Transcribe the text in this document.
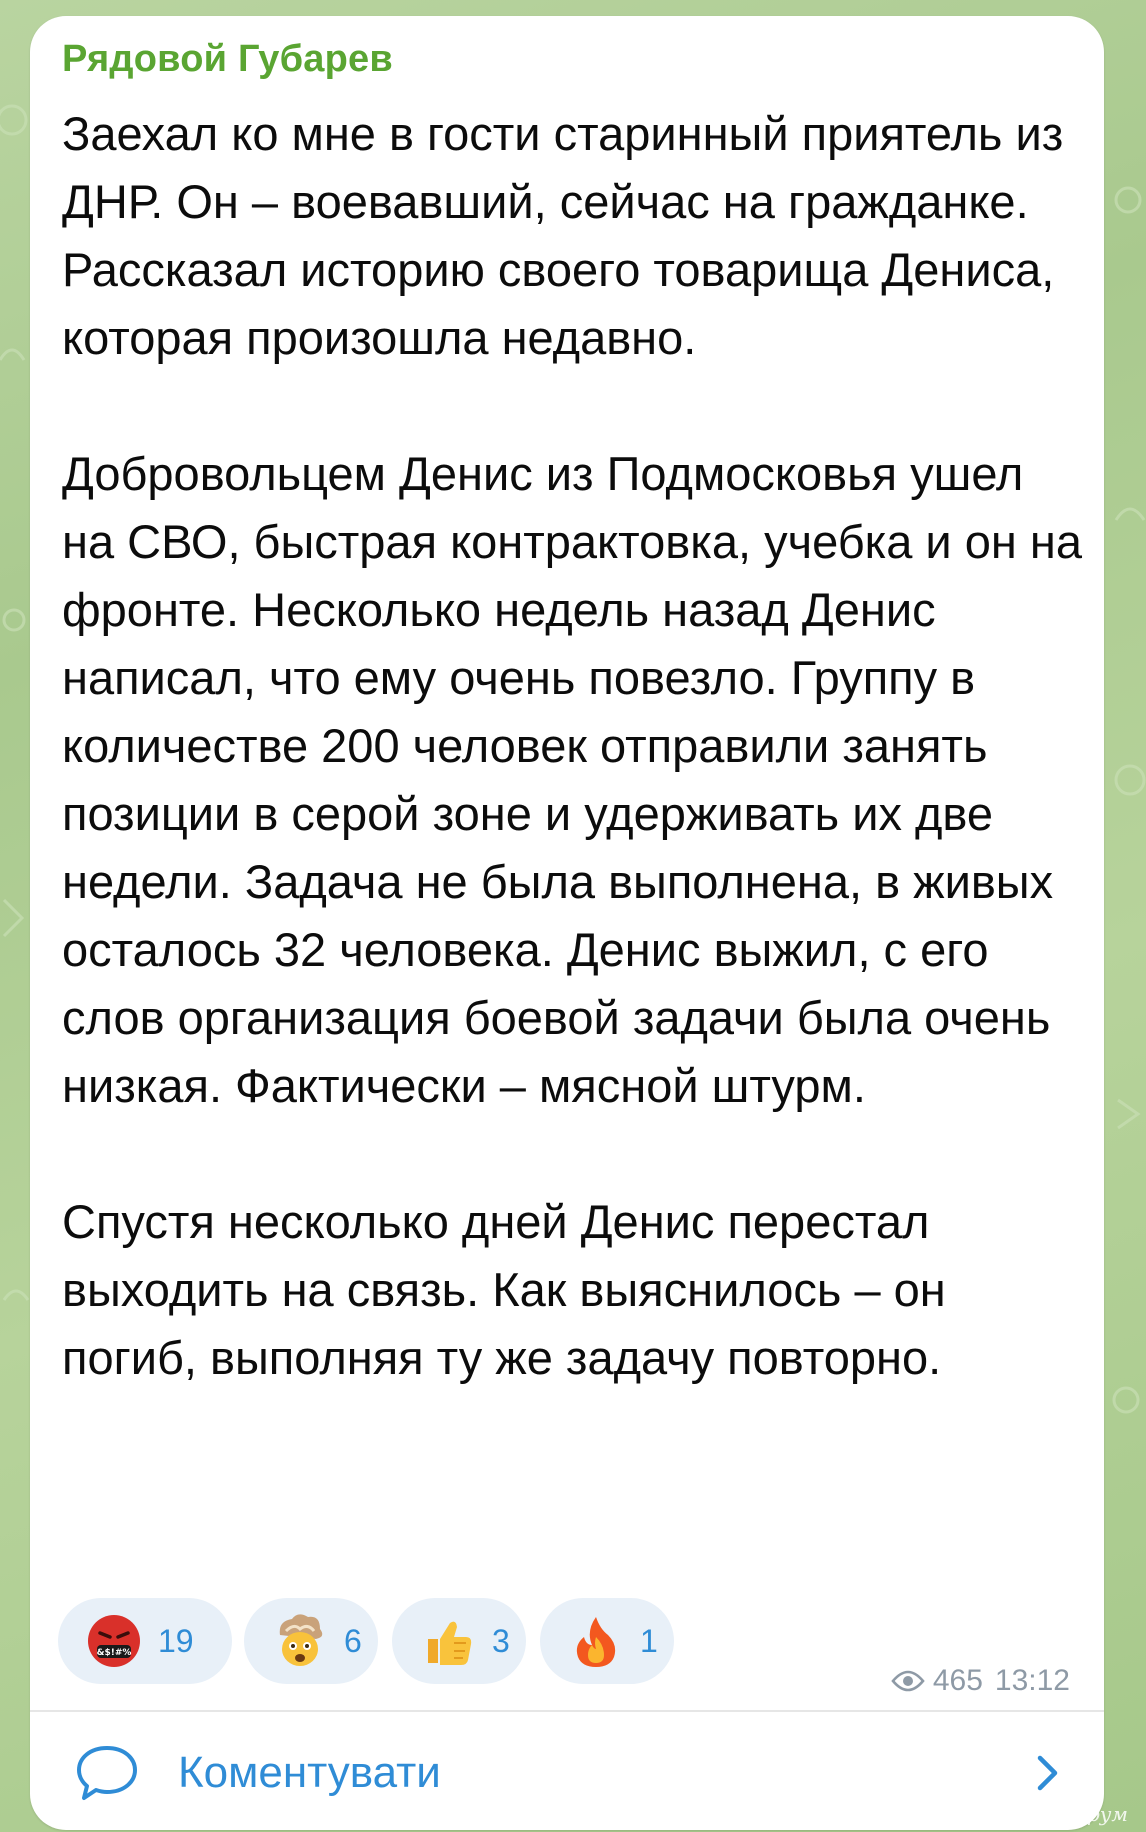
Рядовой Губарев

Заехал ко мне в гости старинный приятель из ДНР. Он – воевавший, сейчас на гражданке. Рассказал историю своего товарища Дениса, которая произошла недавно.

Добровольцем Денис из Подмосковья ушел на СВО, быстрая контрактовка, учебка и он на фронте. Несколько недель назад Денис написал, что ему очень повезло. Группу в количестве 200 человек отправили занять позиции в серой зоне и удерживать их две недели. Задача не была выполнена, в живых осталось 32 человека. Денис выжил, с его слов организация боевой задачи была очень низкая. Фактически – мясной штурм.

Спустя несколько дней Денис перестал выходить на связь. Как выяснилось – он погиб, выполняя ту же задачу повторно.

&$!#% 19	6	3	1
465 13:12
Коментувати
Харків Форум
